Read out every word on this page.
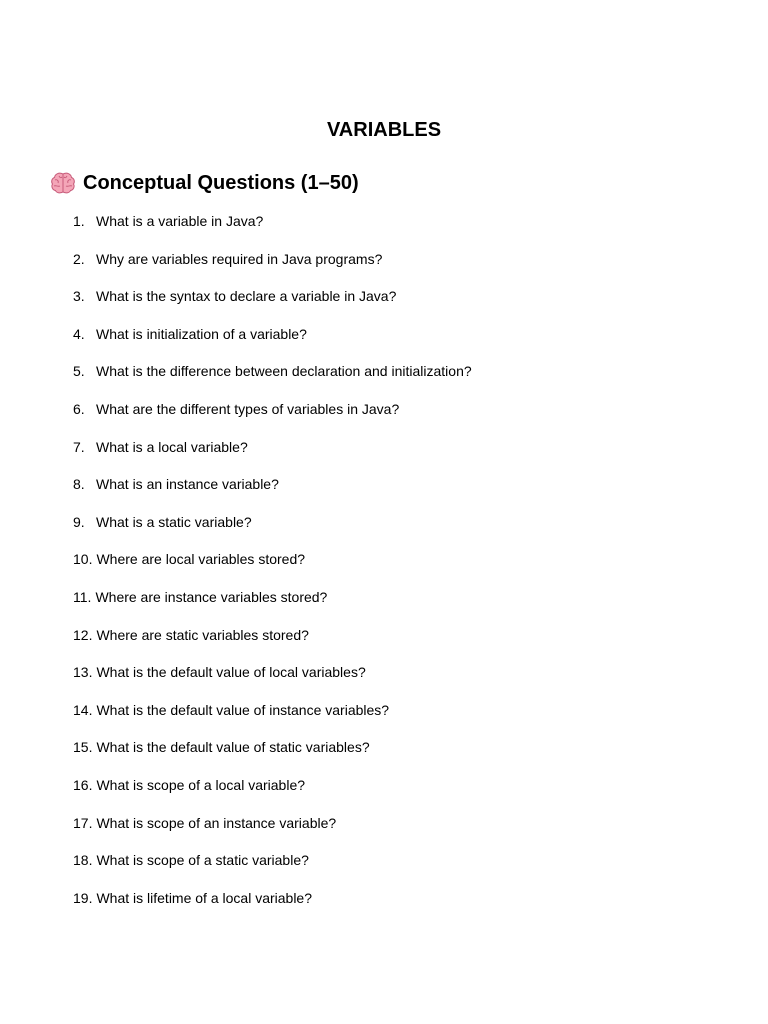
VARIABLES
Conceptual Questions (1–50)
1. What is a variable in Java?
2. Why are variables required in Java programs?
3. What is the syntax to declare a variable in Java?
4. What is initialization of a variable?
5. What is the difference between declaration and initialization?
6. What are the different types of variables in Java?
7. What is a local variable?
8. What is an instance variable?
9. What is a static variable?
10. Where are local variables stored?
11. Where are instance variables stored?
12. Where are static variables stored?
13. What is the default value of local variables?
14. What is the default value of instance variables?
15. What is the default value of static variables?
16. What is scope of a local variable?
17. What is scope of an instance variable?
18. What is scope of a static variable?
19. What is lifetime of a local variable?
